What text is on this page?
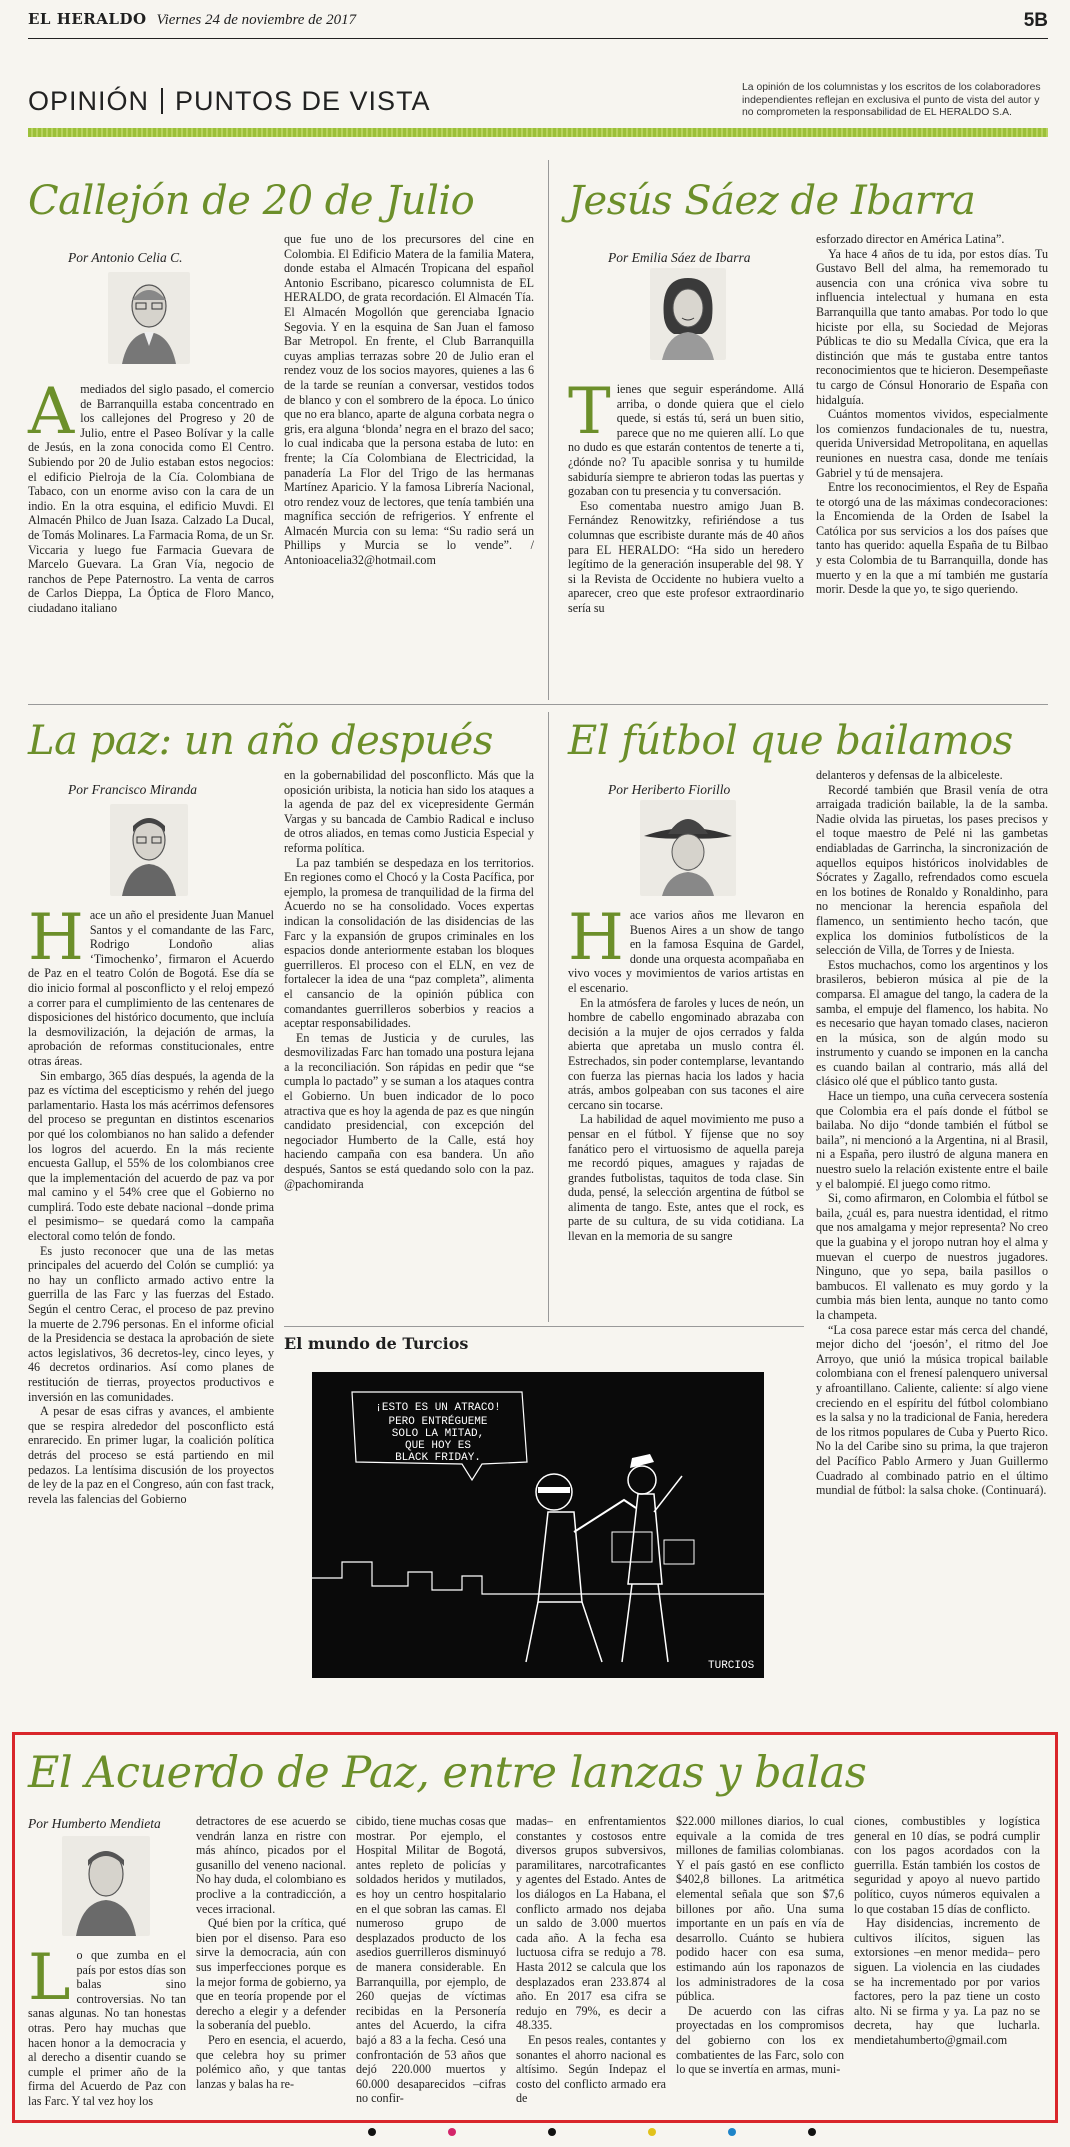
EL HERALDO Viernes 24 de noviembre de 2017	5B
OPINIÓN PUNTOS DE VISTA	La opinión de los columnistas y los escritos de los colaboradores independientes reflejan en exclusiva el punto de vista del autor y no comprometen la responsabilidad de EL HERALDO S.A.
Callejón de 20 de Julio
Por Antonio Celia C.
A mediados del siglo pasado, el comercio de Barranquilla estaba concentrado en los callejones del Progreso y 20 de Julio, entre el Paseo Bolívar y la calle de Jesús, en la zona conocida como El Centro. Subiendo por 20 de Julio estaban estos negocios: el edificio Pielroja de la Cía. Colombiana de Tabaco, con un enorme aviso con la cara de un indio. En la otra esquina, el edificio Muvdi. El Almacén Philco de Juan Isaza. Calzado La Ducal, de Tomás Molinares. La Farmacia Roma, de un Sr. Viccaria y luego fue Farmacia Guevara de Marcelo Guevara. La Gran Vía, negocio de ranchos de Pepe Paternostro. La venta de carros de Carlos Dieppa, La Óptica de Floro Manco, ciudadano italiano

que fue uno de los precursores del cine en Colombia. El Edificio Matera de la familia Matera, donde estaba el Almacén Tropicana del español Antonio Escribano, picaresco columnista de EL HERALDO, de grata recordación. El Almacén Tía. El Almacén Mogollón que gerenciaba Ignacio Segovia. Y en la esquina de San Juan el famoso Bar Metropol. En frente, el Club Barranquilla cuyas amplias terrazas sobre 20 de Julio eran el rendez vouz de los socios mayores, quienes a las 6 de la tarde se reunían a conversar, vestidos todos de blanco y con el sombrero de la época. Lo único que no era blanco, aparte de alguna corbata negra o gris, era alguna ‘blonda’ negra en el brazo del saco; lo cual indicaba que la persona estaba de luto: en frente; la Cía Colombiana de Electricidad, la panadería La Flor del Trigo de las hermanas Martínez Aparicio. Y la famosa Librería Nacional, otro rendez vouz de lectores, que tenía también una magnífica sección de refrigerios. Y enfrente el Almacén Murcia con su lema: “Su radio será un Phillips y Murcia se lo vende”. / Antonioacelia32@hotmail.com

Jesús Sáez de Ibarra
Por Emilia Sáez de Ibarra
T ienes que seguir esperándome. Allá arriba, o donde quiera que el cielo quede, si estás tú, será un buen sitio, parece que no me quieren allí. Lo que no dudo es que estarán contentos de tenerte a ti, ¿dónde no? Tu apacible sonrisa y tu humilde sabiduría siempre te abrieron todas las puertas y gozaban con tu presencia y tu conversación.

Eso comentaba nuestro amigo Juan B. Fernández Renowitzky, refiriéndose a tus columnas que escribiste durante más de 40 años para EL HERALDO: “Ha sido un heredero legítimo de la generación insuperable del 98. Y si la Revista de Occidente no hubiera vuelto a aparecer, creo que este profesor extraordinario sería su

esforzado director en América Latina”.

Ya hace 4 años de tu ida, por estos días. Tu Gustavo Bell del alma, ha rememorado tu ausencia con una crónica viva sobre tu influencia intelectual y humana en esta Barranquilla que tanto amabas. Por todo lo que hiciste por ella, su Sociedad de Mejoras Públicas te dio su Medalla Cívica, que era la distinción que más te gustaba entre tantos reconocimientos que te hicieron. Desempeñaste tu cargo de Cónsul Honorario de España con hidalguía.

Cuántos momentos vividos, especialmente los comienzos fundacionales de tu, nuestra, querida Universidad Metropolitana, en aquellas reuniones en nuestra casa, donde me teníais Gabriel y tú de mensajera.

Entre los reconocimientos, el Rey de España te otorgó una de las máximas condecoraciones: la Encomienda de la Orden de Isabel la Católica por sus servicios a los dos países que tanto has querido: aquella España de tu Bilbao y esta Colombia de tu Barranquilla, donde has muerto y en la que a mí también me gustaría morir. Desde la que yo, te sigo queriendo.

La paz: un año después
Por Francisco Miranda
H ace un año el presidente Juan Manuel Santos y el comandante de las Farc, Rodrigo Londoño alias ‘Timochenko’, firmaron el Acuerdo de Paz en el teatro Colón de Bogotá. Ese día se dio inicio formal al posconflicto y el reloj empezó a correr para el cumplimiento de las centenares de disposiciones del histórico documento, que incluía la desmovilización, la dejación de armas, la aprobación de reformas constitucionales, entre otras áreas.

Sin embargo, 365 días después, la agenda de la paz es víctima del escepticismo y rehén del juego parlamentario. Hasta los más acérrimos defensores del proceso se preguntan en distintos escenarios por qué los colombianos no han salido a defender los logros del acuerdo. En la más reciente encuesta Gallup, el 55% de los colombianos cree que la implementación del acuerdo de paz va por mal camino y el 54% cree que el Gobierno no cumplirá. Todo este debate nacional –donde prima el pesimismo– se quedará como la campaña electoral como telón de fondo.

Es justo reconocer que una de las metas principales del acuerdo del Colón se cumplió: ya no hay un conflicto armado activo entre la guerrilla de las Farc y las fuerzas del Estado. Según el centro Cerac, el proceso de paz previno la muerte de 2.796 personas. En el informe oficial de la Presidencia se destaca la aprobación de siete actos legislativos, 36 decretos-ley, cinco leyes, y 46 decretos ordinarios. Así como planes de restitución de tierras, proyectos productivos e inversión en las comunidades.

A pesar de esas cifras y avances, el ambiente que se respira alrededor del posconflicto está enrarecido. En primer lugar, la coalición política detrás del proceso se está partiendo en mil pedazos. La lentísima discusión de los proyectos de ley de la paz en el Congreso, aún con fast track, revela las falencias del Gobierno

en la gobernabilidad del posconflicto. Más que la oposición uribista, la noticia han sido los ataques a la agenda de paz del ex vicepresidente Germán Vargas y su bancada de Cambio Radical e incluso de otros aliados, en temas como Justicia Especial y reforma política.

La paz también se despedaza en los territorios. En regiones como el Chocó y la Costa Pacífica, por ejemplo, la promesa de tranquilidad de la firma del Acuerdo no se ha consolidado. Voces expertas indican la consolidación de las disidencias de las Farc y la expansión de grupos criminales en los espacios donde anteriormente estaban los bloques guerrilleros. El proceso con el ELN, en vez de fortalecer la idea de una “paz completa”, alimenta el cansancio de la opinión pública con comandantes guerrilleros soberbios y reacios a aceptar responsabilidades.

En temas de Justicia y de curules, las desmovilizadas Farc han tomado una postura lejana a la reconciliación. Son rápidas en pedir que “se cumpla lo pactado” y se suman a los ataques contra el Gobierno. Un buen indicador de lo poco atractiva que es hoy la agenda de paz es que ningún candidato presidencial, con excepción del negociador Humberto de la Calle, está hoy haciendo campaña con esa bandera. Un año después, Santos se está quedando solo con la paz. @pachomiranda

El fútbol que bailamos
Por Heriberto Fiorillo
H ace varios años me llevaron en Buenos Aires a un show de tango en la famosa Esquina de Gardel, donde una orquesta acompañaba en vivo voces y movimientos de varios artistas en el escenario.

En la atmósfera de faroles y luces de neón, un hombre de cabello engominado abrazaba con decisión a la mujer de ojos cerrados y falda abierta que apretaba un muslo contra él. Estrechados, sin poder contemplarse, levantando con fuerza las piernas hacia los lados y hacia atrás, ambos golpeaban con sus tacones el aire cercano sin tocarse.

La habilidad de aquel movimiento me puso a pensar en el fútbol. Y fíjense que no soy fanático pero el virtuosismo de aquella pareja me recordó piques, amagues y rajadas de grandes futbolistas, taquitos de toda clase. Sin duda, pensé, la selección argentina de fútbol se alimenta de tango. Este, antes que el rock, es parte de su cultura, de su vida cotidiana. La llevan en la memoria de su sangre

delanteros y defensas de la albiceleste.

Recordé también que Brasil venía de otra arraigada tradición bailable, la de la samba. Nadie olvida las piruetas, los pases precisos y el toque maestro de Pelé ni las gambetas endiabladas de Garrincha, la sincronización de aquellos equipos históricos inolvidables de Sócrates y Zagallo, refrendados como escuela en los botines de Ronaldo y Ronaldinho, para no mencionar la herencia española del flamenco, un sentimiento hecho tacón, que explica los dominios futbolísticos de la selección de Villa, de Torres y de Iniesta.

Estos muchachos, como los argentinos y los brasileros, bebieron música al pie de la comparsa. El amague del tango, la cadera de la samba, el empuje del flamenco, los habita. No es necesario que hayan tomado clases, nacieron en la música, son de algún modo su instrumento y cuando se imponen en la cancha es cuando bailan al contrario, más allá del clásico olé que el público tanto gusta.

Hace un tiempo, una cuña cervecera sostenía que Colombia era el país donde el fútbol se bailaba. No dijo “donde también el fútbol se baila”, ni mencionó a la Argentina, ni al Brasil, ni a España, pero ilustró de alguna manera en nuestro suelo la relación existente entre el baile y el balompié. El juego como ritmo.

Si, como afirmaron, en Colombia el fútbol se baila, ¿cuál es, para nuestra identidad, el ritmo que nos amalgama y mejor representa? No creo que la guabina y el joropo nutran hoy el alma y muevan el cuerpo de nuestros jugadores. Ninguno, que yo sepa, baila pasillos o bambucos. El vallenato es muy gordo y la cumbia más bien lenta, aunque no tanto como la champeta.

“La cosa parece estar más cerca del chandé, mejor dicho del ‘joesón’, el ritmo del Joe Arroyo, que unió la música tropical bailable colombiana con el frenesí palenquero universal y afroantillano. Caliente, caliente: sí algo viene creciendo en el espíritu del fútbol colombiano es la salsa y no la tradicional de Fania, heredera de los ritmos populares de Cuba y Puerto Rico. No la del Caribe sino su prima, la que trajeron del Pacífico Pablo Armero y Juan Guillermo Cuadrado al combinado patrio en el último mundial de fútbol: la salsa choke. (Continuará).

El mundo de Turcios
¡ESTO ES UN ATRACO!
PERO ENTRÉGUEME
SOLO LA MITAD,
QUE HOY ES
BLACK FRIDAY.
TURCIOS
El Acuerdo de Paz, entre lanzas y balas
Por Humberto Mendieta
L o que zumba en el país por estos días son balas sino controversias. No tan sanas algunas. No tan honestas otras. Pero hay muchas que hacen honor a la democracia y al derecho a disentir cuando se cumple el primer año de la firma del Acuerdo de Paz con las Farc. Y tal vez hoy los

detractores de ese acuerdo se vendrán lanza en ristre con más ahínco, picados por el gusanillo del veneno nacional. No hay duda, el colombiano es proclive a la contradicción, a veces irracional.

Qué bien por la crítica, qué bien por el disenso. Para eso sirve la democracia, aún con sus imperfecciones porque es la mejor forma de gobierno, ya que en teoría propende por el derecho a elegir y a defender la soberanía del pueblo.

Pero en esencia, el acuerdo, que celebra hoy su primer polémico año, y que tantas lanzas y balas ha re-

cibido, tiene muchas cosas que mostrar. Por ejemplo, el Hospital Militar de Bogotá, antes repleto de policías y soldados heridos y mutilados, es hoy un centro hospitalario en el que sobran las camas. El numeroso grupo de desplazados producto de los asedios guerrilleros disminuyó de manera considerable. En Barranquilla, por ejemplo, de 260 quejas de víctimas recibidas en la Personería antes del Acuerdo, la cifra bajó a 83 a la fecha. Cesó una confrontación de 53 años que dejó 220.000 muertos y 60.000 desaparecidos –cifras no confir-

madas– en enfrentamientos constantes y costosos entre diversos grupos subversivos, paramilitares, narcotraficantes y agentes del Estado. Antes de los diálogos en La Habana, el conflicto armado nos dejaba un saldo de 3.000 muertos cada año. A la fecha esa luctuosa cifra se redujo a 78. Hasta 2012 se calcula que los desplazados eran 233.874 al año. En 2017 esa cifra se redujo en 79%, es decir a 48.335.

En pesos reales, contantes y sonantes el ahorro nacional es altísimo. Según Indepaz el costo del conflicto armado era de

$22.000 millones diarios, lo cual equivale a la comida de tres millones de familias colombianas. Y el país gastó en ese conflicto $402,8 billones. La aritmética elemental señala que son $7,6 billones por año. Una suma importante en un país en vía de desarrollo. Cuánto se hubiera podido hacer con esa suma, estimando aún los raponazos de los administradores de la cosa pública.

De acuerdo con las cifras proyectadas en los compromisos del gobierno con los ex combatientes de las Farc, solo con lo que se invertía en armas, muni-

ciones, combustibles y logística general en 10 días, se podrá cumplir con los pagos acordados con la guerrilla. Están también los costos de seguridad y apoyo al nuevo partido político, cuyos números equivalen a lo que costaban 15 días de conflicto.

Hay disidencias, incremento de cultivos ilícitos, siguen las extorsiones –en menor medida– pero siguen. La violencia en las ciudades se ha incrementado por por varios factores, pero la paz tiene un costo alto. Ni se firma y ya. La paz no se decreta, hay que lucharla. mendietahumberto@gmail.com
